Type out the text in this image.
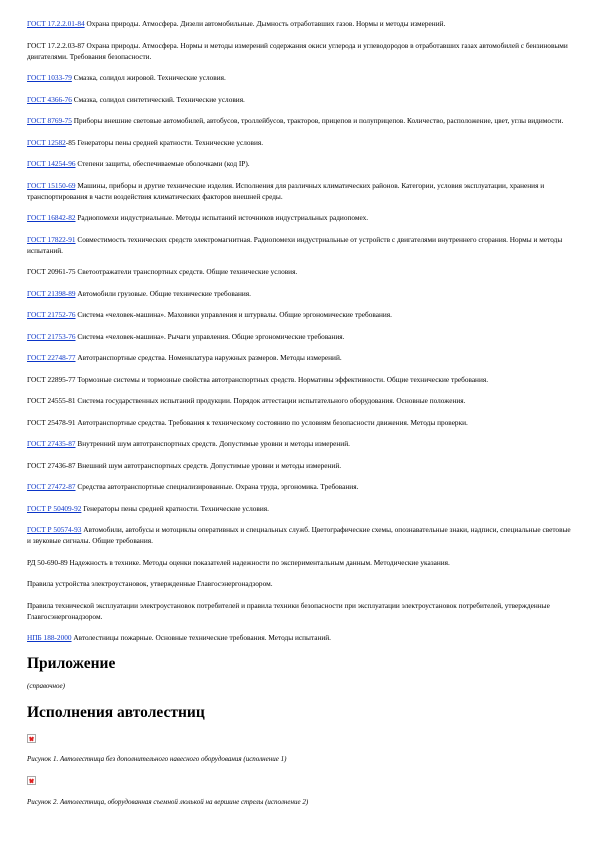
ГОСТ 17.2.2.01-84 Охрана природы. Атмосфера. Дизели автомобильные. Дымность отработавших газов. Нормы и методы измерений.
ГОСТ 17.2.2.03-87 Охрана природы. Атмосфера. Нормы и методы измерений содержания окиси углерода и углеводородов в отработавших газах автомобилей с бензиновыми двигателями. Требования безопасности.
ГОСТ 1033-79 Смазка, солидол жировой. Технические условия.
ГОСТ 4366-76 Смазка, солидол синтетический. Технические условия.
ГОСТ 8769-75 Приборы внешние световые автомобилей, автобусов, троллейбусов, тракторов, прицепов и полуприцепов. Количество, расположение, цвет, углы видимости.
ГОСТ 12582-85 Генераторы пены средней кратности. Технические условия.
ГОСТ 14254-96 Степени защиты, обеспечиваемые оболочками (код IP).
ГОСТ 15150-69 Машины, приборы и другие технические изделия. Исполнения для различных климатических районов. Категории, условия эксплуатации, хранения и транспортирования в части воздействия климатических факторов внешней среды.
ГОСТ 16842-82 Радиопомехи индустриальные. Методы испытаний источников индустриальных радиопомех.
ГОСТ 17822-91 Совместимость технических средств электромагнитная. Радиопомехи индустриальные от устройств с двигателями внутреннего сгорания. Нормы и методы испытаний.
ГОСТ 20961-75 Светоотражатели транспортных средств. Общие технические условия.
ГОСТ 21398-89 Автомобили грузовые. Общие технические требования.
ГОСТ 21752-76 Система «человек-машина». Маховики управления и штурвалы. Общие эргономические требования.
ГОСТ 21753-76 Система «человек-машина». Рычаги управления. Общие эргономические требования.
ГОСТ 22748-77 Автотранспортные средства. Номенклатура наружных размеров. Методы измерений.
ГОСТ 22895-77 Тормозные системы и тормозные свойства автотранспортных средств. Нормативы эффективности. Общие технические требования.
ГОСТ 24555-81 Система государственных испытаний продукции. Порядок аттестации испытательного оборудования. Основные положения.
ГОСТ 25478-91 Автотранспортные средства. Требования к техническому состоянию по условиям безопасности движения. Методы проверки.
ГОСТ 27435-87 Внутренний шум автотранспортных средств. Допустимые уровни и методы измерений.
ГОСТ 27436-87 Внешний шум автотранспортных средств. Допустимые уровни и методы измерений.
ГОСТ 27472-87 Средства автотранспортные специализированные. Охрана труда, эргономика. Требования.
ГОСТ Р 50409-92 Генераторы пены средней кратности. Технические условия.
ГОСТ Р 50574-93 Автомобили, автобусы и мотоциклы оперативных и специальных служб. Цветографические схемы, опознавательные знаки, надписи, специальные световые и звуковые сигналы. Общие требования.
РД 50-690-89 Надежность в технике. Методы оценки показателей надежности по экспериментальным данным. Методические указания.
Правила устройства электроустановок, утвержденные Главгосэнергонадзором.
Правила технической эксплуатации электроустановок потребителей и правила техники безопасности при эксплуатации электроустановок потребителей, утвержденные Главгосэнергонадзором.
НПБ 188-2000 Автолестницы пожарные. Основные технические требования. Методы испытаний.
Приложение
(справочное)
Исполнения автолестниц
Рисунок 1. Автолестница без дополнительного навесного оборудования (исполнение 1)
Рисунок 2. Автолестница, оборудованная съемной люлькой на вершине стрелы (исполнение 2)
